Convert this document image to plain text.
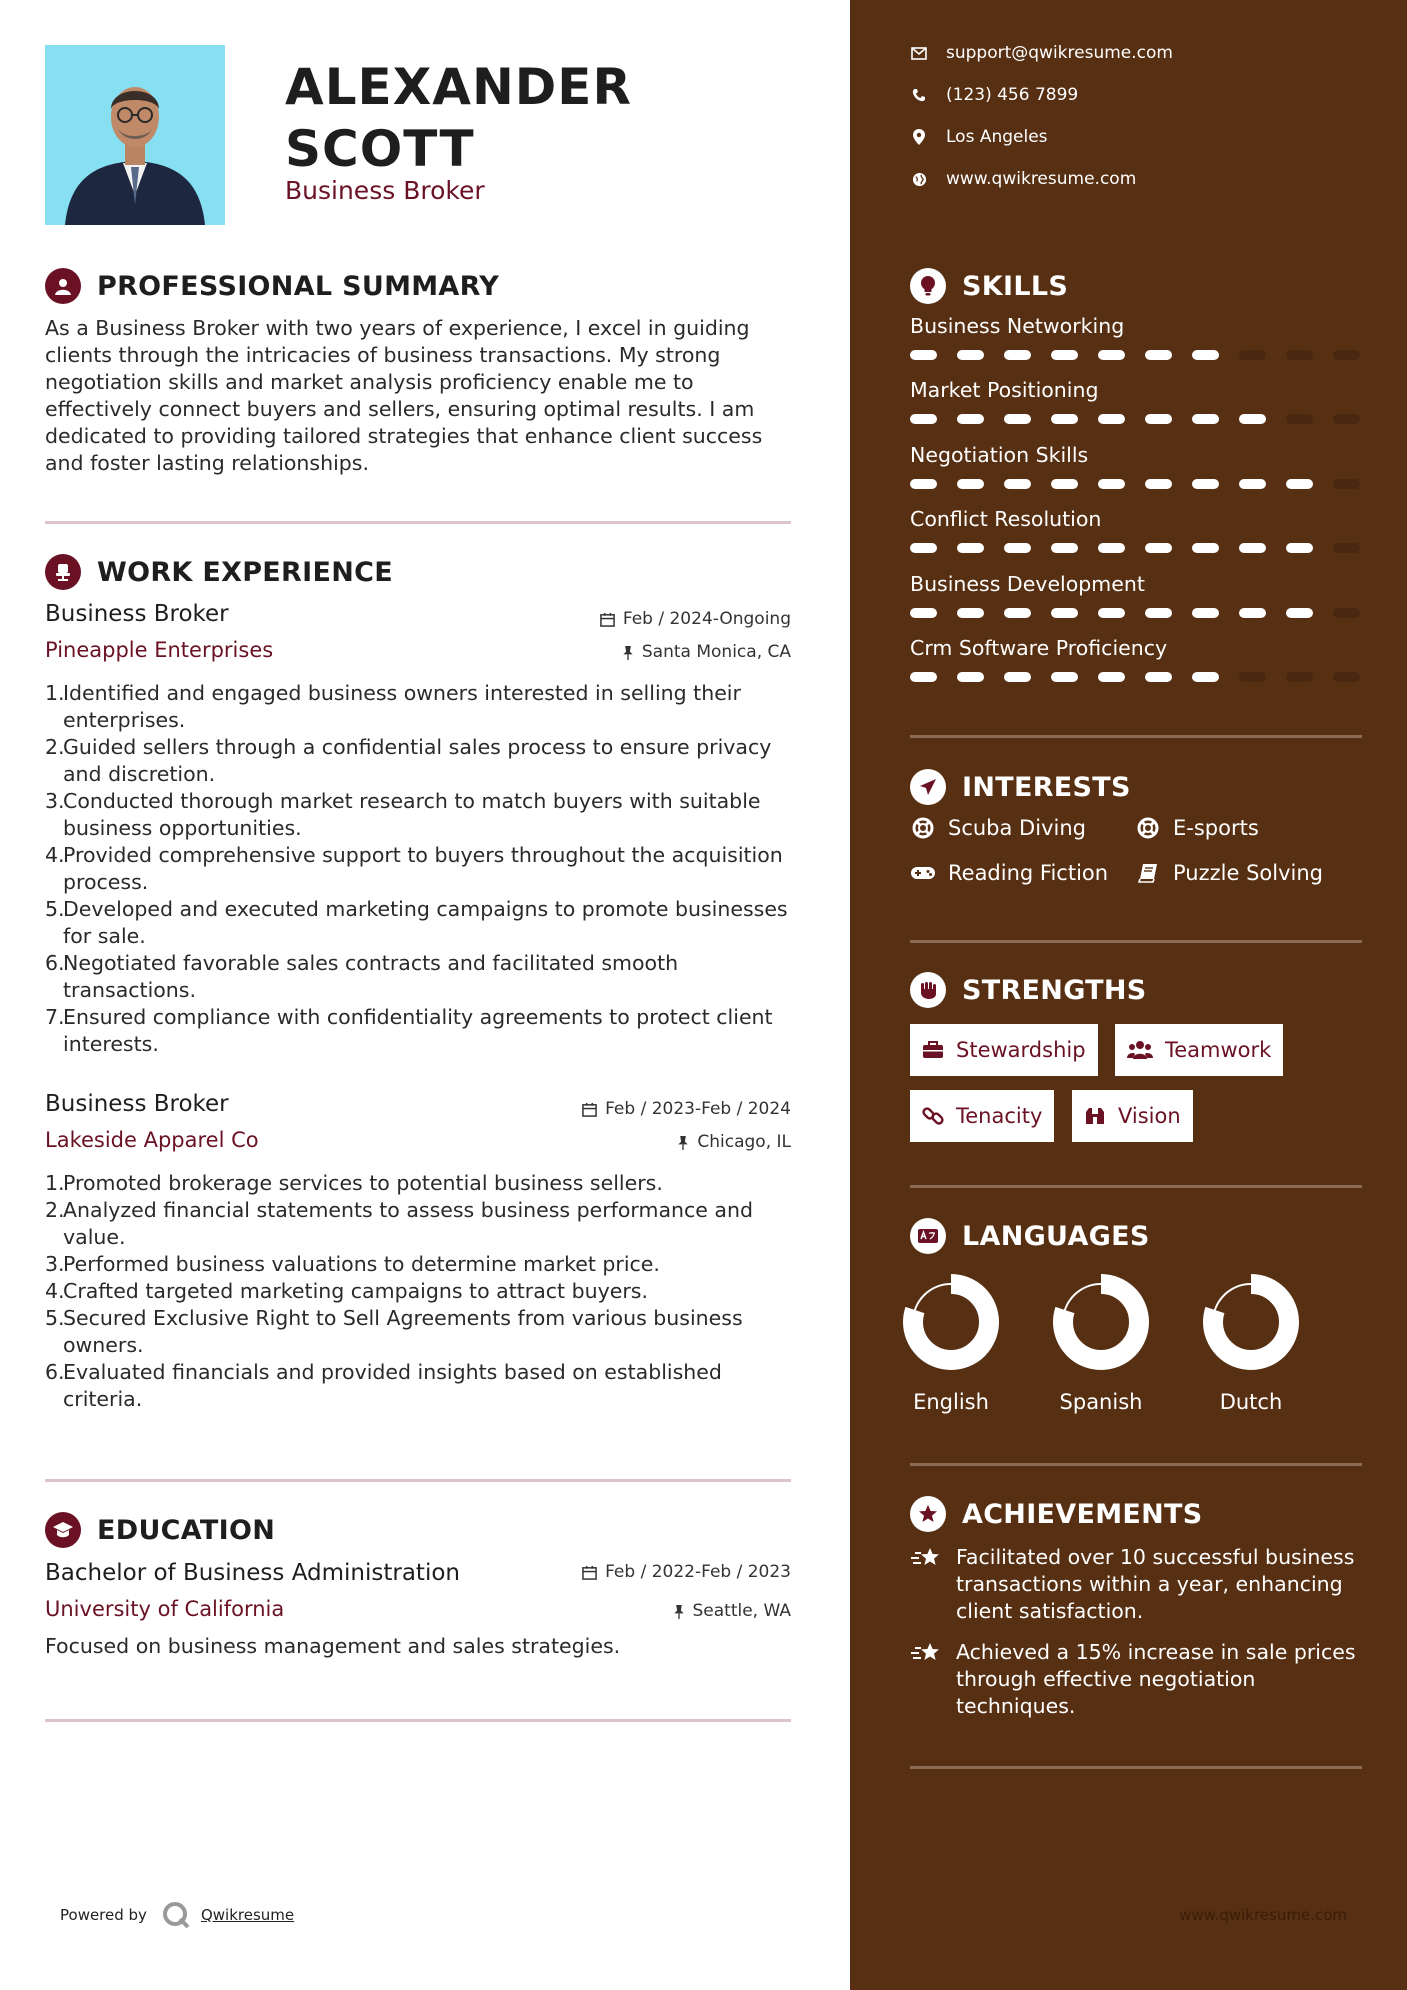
ALEXANDER
SCOTT
Business Broker
PROFESSIONAL SUMMARY
As a Business Broker with two years of experience, I excel in guiding clients through the intricacies of business transactions. My strong negotiation skills and market analysis proficiency enable me to effectively connect buyers and sellers, ensuring optimal results. I am dedicated to providing tailored strategies that enhance client success and foster lasting relationships.
WORK EXPERIENCE
Business Broker	Feb / 2024-Ongoing
Pineapple Enterprises	Santa Monica, CA
1.
Identified and engaged business owners interested in selling their enterprises.
2.
Guided sellers through a confidential sales process to ensure privacy and discretion.
3.
Conducted thorough market research to match buyers with suitable business opportunities.
4.
Provided comprehensive support to buyers throughout the acquisition process.
5.
Developed and executed marketing campaigns to promote businesses for sale.
6.
Negotiated favorable sales contracts and facilitated smooth transactions.
7.
Ensured compliance with confidentiality agreements to protect client interests.
Business Broker	Feb / 2023-Feb / 2024
Lakeside Apparel Co	Chicago, IL
1.
Promoted brokerage services to potential business sellers.
2.
Analyzed financial statements to assess business performance and value.
3.
Performed business valuations to determine market price.
4.
Crafted targeted marketing campaigns to attract buyers.
5.
Secured Exclusive Right to Sell Agreements from various business owners.
6.
Evaluated financials and provided insights based on established criteria.
EDUCATION
Bachelor of Business Administration	Feb / 2022-Feb / 2023
University of California	Seattle, WA
Focused on business management and sales strategies.
Powered by	Qwikresume
support@qwikresume.com
(123) 456 7899
Los Angeles
www.qwikresume.com
SKILLS
Business Networking
Market Positioning
Negotiation Skills
Conflict Resolution
Business Development
Crm Software Proficiency
INTERESTS
Scuba Diving	E-sports
Reading Fiction	Puzzle Solving
STRENGTHS
Stewardship	Teamwork
Tenacity	Vision
LANGUAGES
English	Spanish	Dutch
ACHIEVEMENTS
Facilitated over 10 successful business transactions within a year, enhancing client satisfaction.
Achieved a 15% increase in sale prices through effective negotiation techniques.
www.qwikresume.com
